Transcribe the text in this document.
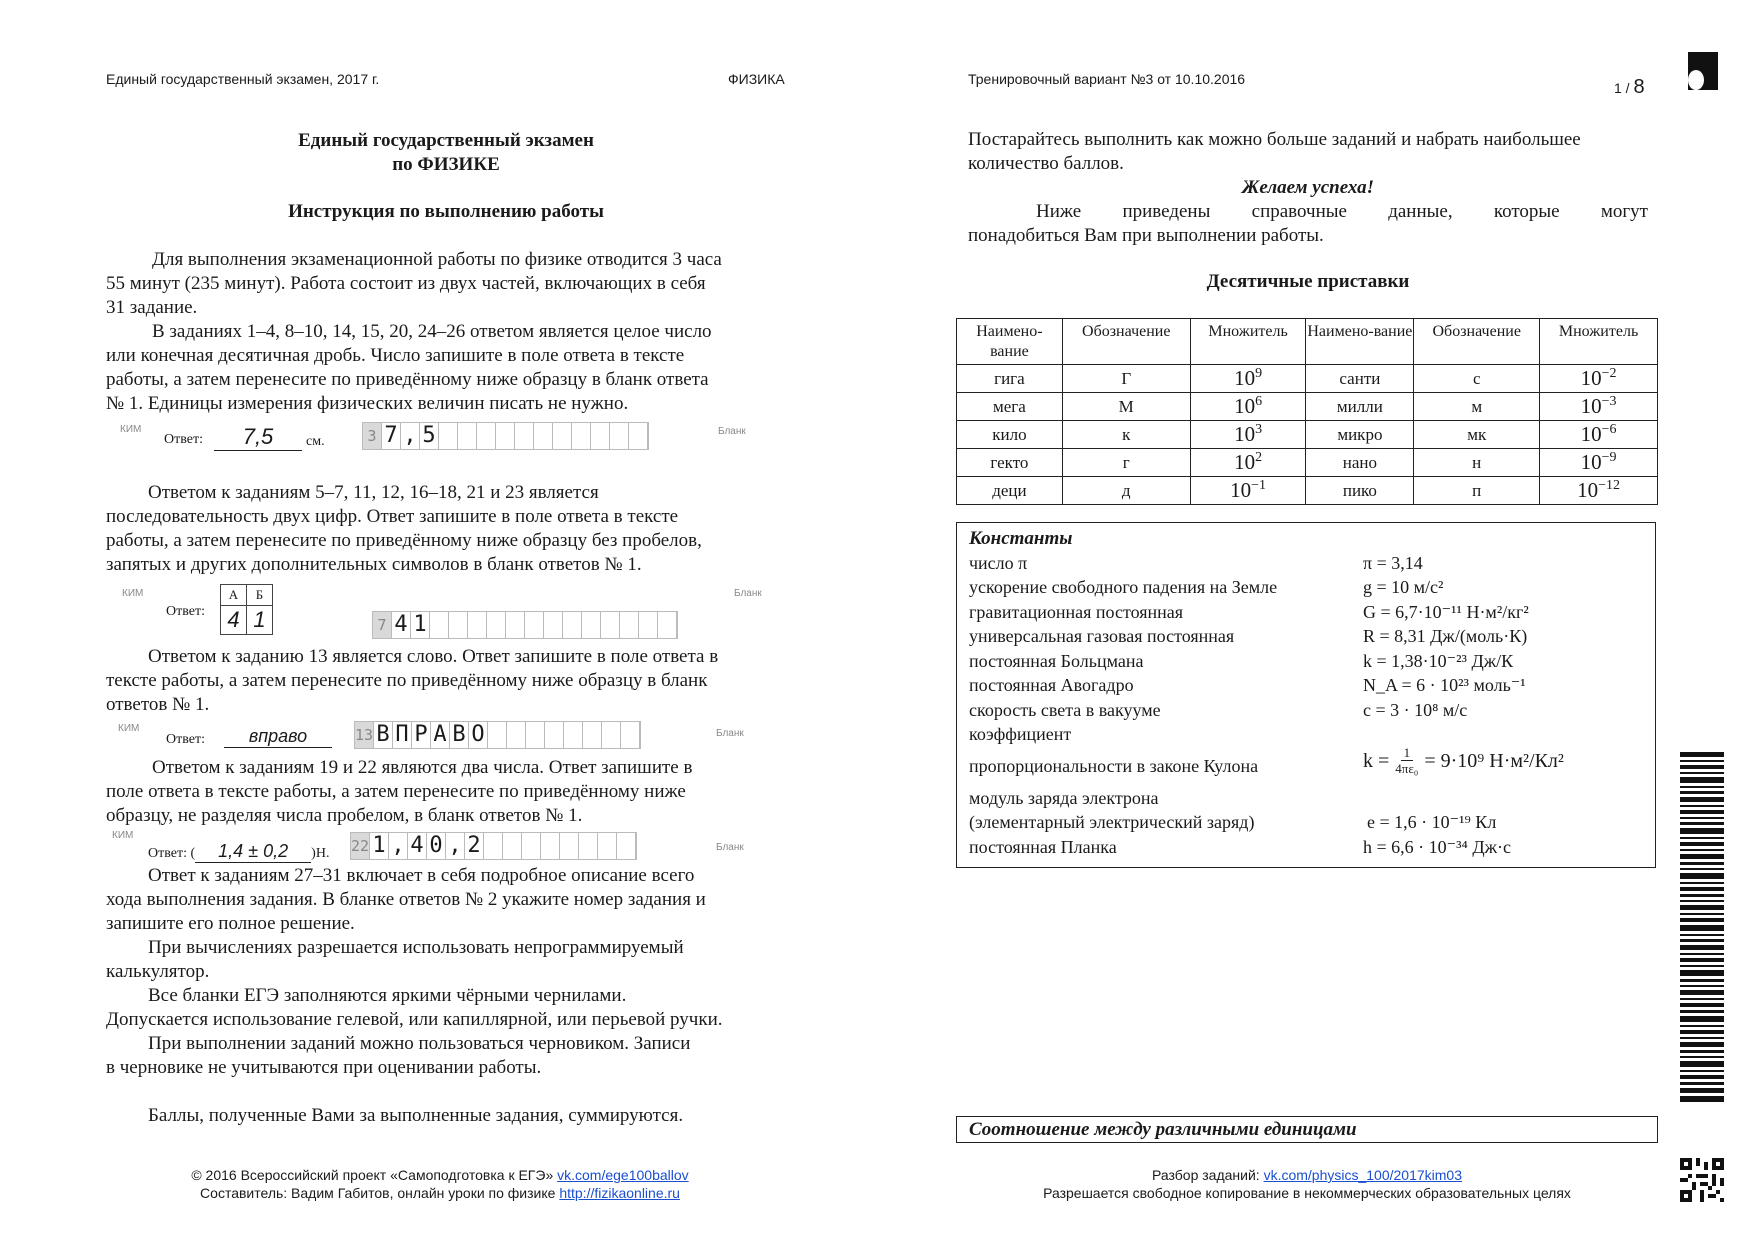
Единый государственный экзамен, 2017 г.	ФИЗИКА	Тренировочный вариант №3 от 10.10.2016
1 / 8
Единый государственный экзамен
по ФИЗИКЕ
Инструкция по выполнению работы

Для выполнения экзаменационной работы по физике отводится 3 часа

55 минут (235 минут). Работа состоит из двух частей, включающих в себя

31 задание.

В заданиях 1–4, 8–10, 14, 15, 20, 24–26 ответом является целое число

или конечная десятичная дробь. Число запишите в поле ответа в тексте

работы, а затем перенесите по приведённому ниже образцу в бланк ответа

№ 1. Единицы измерения физических величин писать не нужно.

КИМ
Ответ:	7,5	см.	3 7 , 5	Бланк

Ответом к заданиям 5–7, 11, 12, 16–18, 21 и 23 является

последовательность двух цифр. Ответ запишите в поле ответа в тексте

работы, а затем перенесите по приведённому ниже образцу без пробелов,

запятых и других дополнительных символов в бланк ответов № 1.

КИМ
Ответ:
А	Б
4	1	7 4 1
Бланк

Ответом к заданию 13 является слово. Ответ запишите в поле ответа в

тексте работы, а затем перенесите по приведённому ниже образцу в бланк

ответов № 1.

КИМ
Ответ:	вправо	13 В П Р А В О	Бланк

Ответом к заданиям 19 и 22 являются два числа. Ответ запишите в

поле ответа в тексте работы, а затем перенесите по приведённому ниже

образцу, не разделяя числа пробелом, в бланк ответов № 1.

КИМ
Ответ: ( 1,4 ± 0,2 )Н. 22 1 , 4 0 , 2	Бланк

Ответ к заданиям 27–31 включает в себя подробное описание всего

хода выполнения задания. В бланке ответов № 2 укажите номер задания и

запишите его полное решение.

При вычислениях разрешается использовать непрограммируемый

калькулятор.

Все бланки ЕГЭ заполняются яркими чёрными чернилами.

Допускается использование гелевой, или капиллярной, или перьевой ручки.

При выполнении заданий можно пользоваться черновиком. Записи

в черновике не учитываются при оценивании работы.

Баллы, полученные Вами за выполненные задания, суммируются.

Постарайтесь выполнить как можно больше заданий и набрать наибольшее

количество баллов.

Желаем успеха!

Ниже приведены справочные данные, которые могут

понадобиться Вам при выполнении работы.

Десятичные приставки
Наимено-вание	Обозначение	Множитель	Наимено-вание	Обозначение	Множитель
гига	Г	$10^9$	санти	с	$10^{-2}$
мега	М	$10^6$	милли	м	$10^{-3}$
кило	к	$10^3$	микро	мк	$10^{-6}$
гекто	г	$10^2$	нано	н	$10^{-9}$
деци	д	$10^{-1}$	пико	п	$10^{-12}$
Константы
число π	π = 3,14
ускорение свободного падения на Земле	g = 10 м/с²
гравитационная постоянная	G = 6,7·10⁻¹¹ Н·м²/кг²
универсальная газовая постоянная	R = 8,31 Дж/(моль·К)
постоянная Больцмана	k = 1,38·10⁻²³ Дж/К
постоянная Авогадро	N_A = 6 · 10²³ моль⁻¹
скорость света в вакууме	с = 3 · 10⁸ м/с
коэффициент
пропорциональности в законе Кулона	$k = \frac{1}{\text{4πε₀}} = 9\cdot 10^9$ Н·м²/Кл²
модуль заряда электрона
(элементарный электрический заряд)	e = 1,6 · 10⁻¹⁹ Кл
постоянная Планка	h = 6,6 · 10⁻³⁴ Дж·с
Соотношение между различными единицами
© 2016 Всероссийский проект «Самоподготовка к ЕГЭ» vk.com/ege100ballov
Составитель: Вадим Габитов, онлайн уроки по физике http://fizikaonline.ru
Разбор заданий: vk.com/physics_100/2017kim03
Разрешается свободное копирование в некоммерческих образовательных целях
